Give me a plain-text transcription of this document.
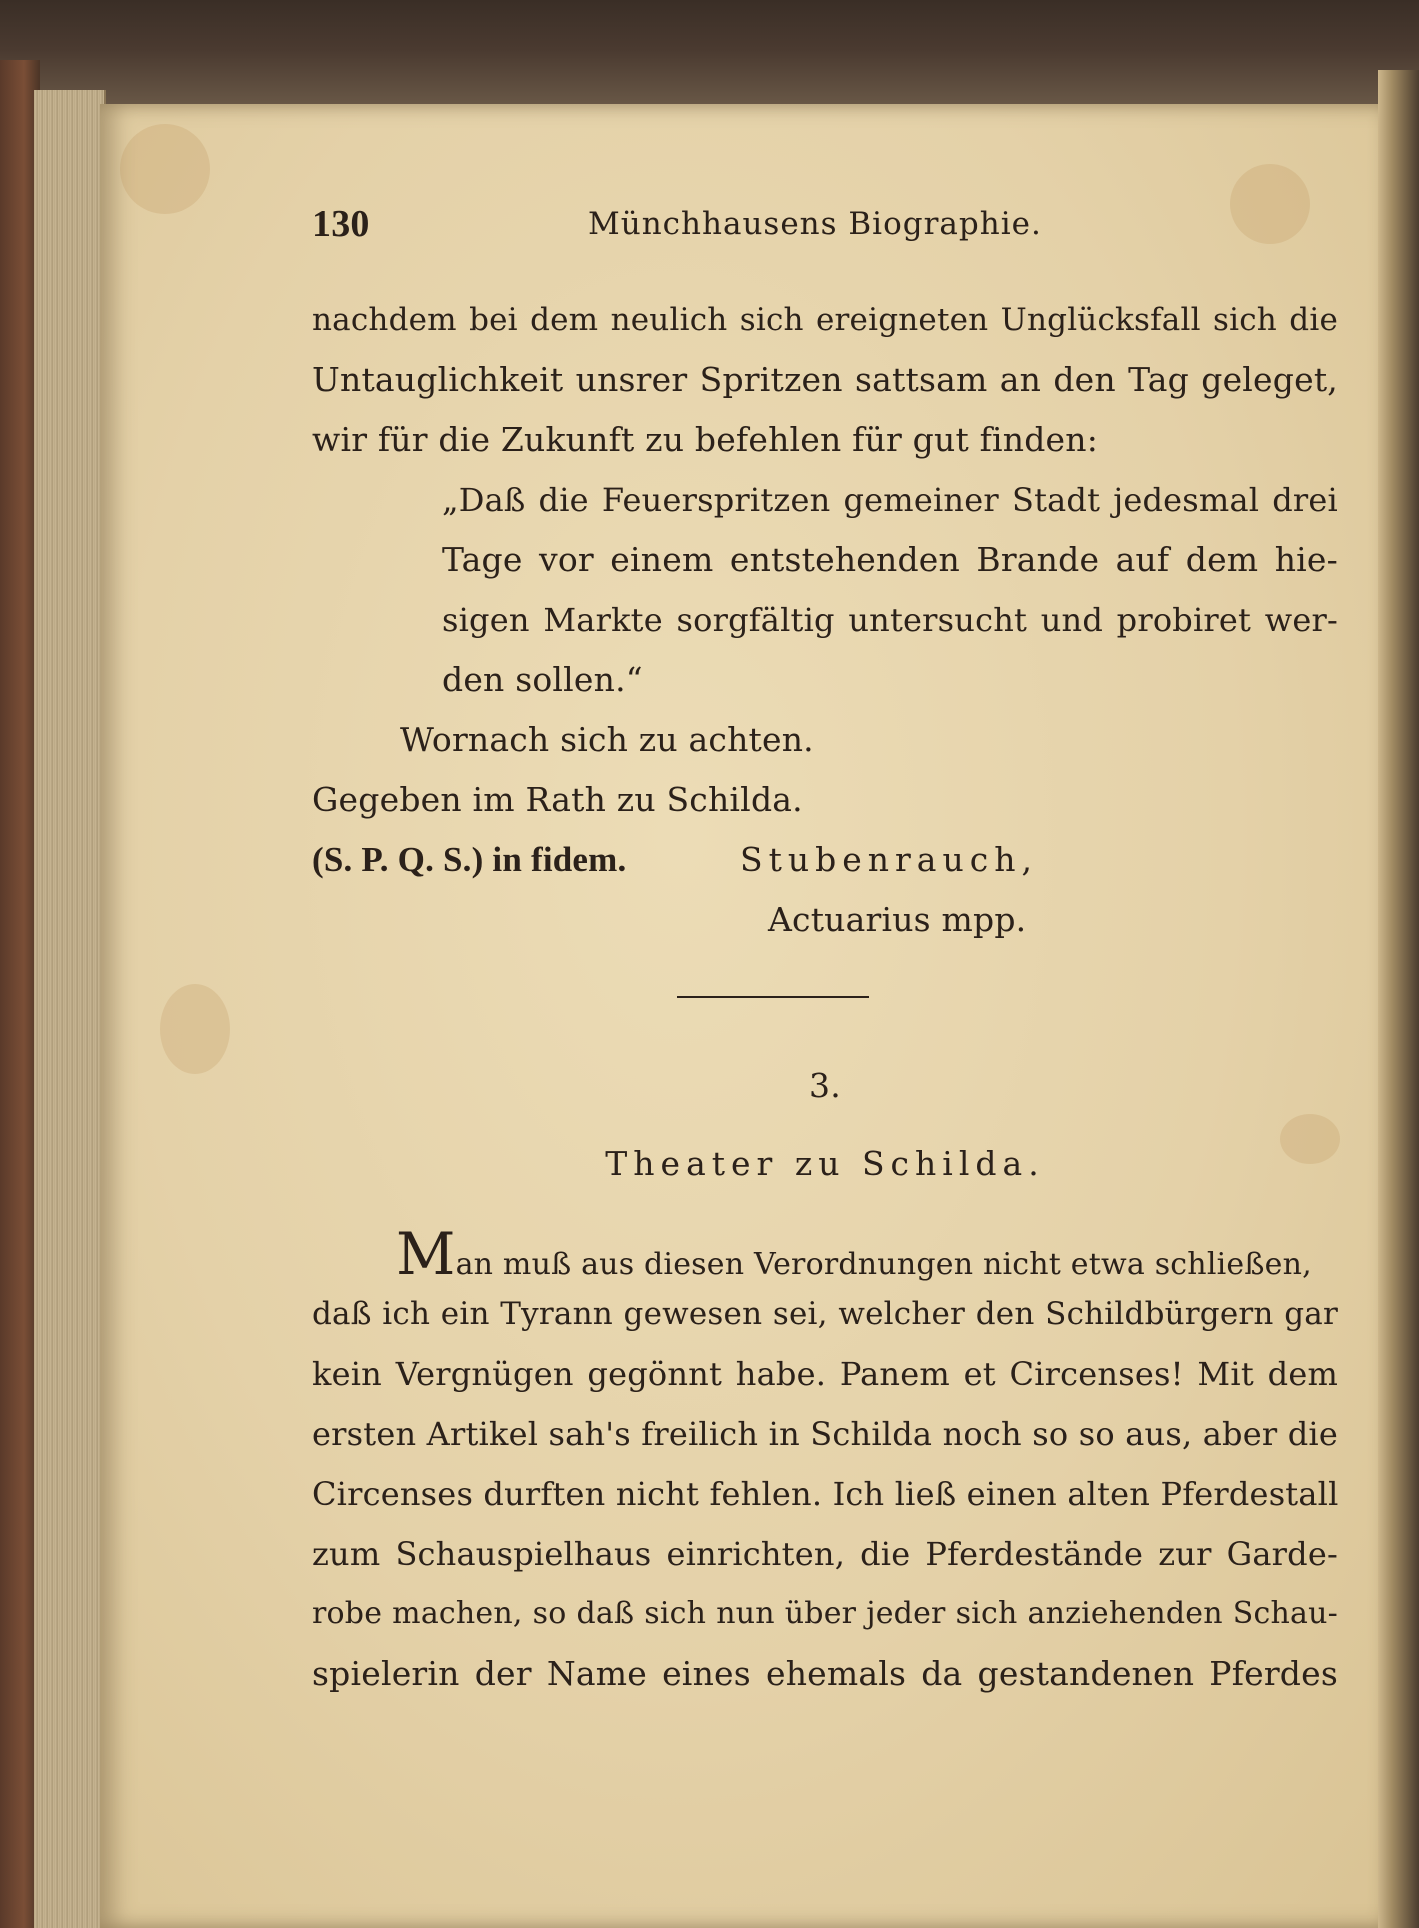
130	Münchhausens Biographie.

nachdem bei dem neulich sich ereigneten Unglücksfall sich die

Untauglichkeit unsrer Spritzen sattsam an den Tag geleget,

wir für die Zukunft zu befehlen für gut finden:

„Daß die Feuerspritzen gemeiner Stadt jedesmal drei

Tage vor einem entstehenden Brande auf dem hie-

sigen Markte sorgfältig untersucht und probiret wer-

den sollen.“

Wornach sich zu achten.

Gegeben im Rath zu Schilda.

(S. P. Q. S.) in fidem.	Stubenrauch,

Actuarius mpp.

3.

Theater zu Schilda.

Man muß aus diesen Verordnungen nicht etwa schließen,

daß ich ein Tyrann gewesen sei, welcher den Schildbürgern gar

kein Vergnügen gegönnt habe. Panem et Circenses! Mit dem

ersten Artikel sah's freilich in Schilda noch so so aus, aber die

Circenses durften nicht fehlen. Ich ließ einen alten Pferdestall

zum Schauspielhaus einrichten, die Pferdestände zur Garde-

robe machen, so daß sich nun über jeder sich anziehenden Schau-

spielerin der Name eines ehemals da gestandenen Pferdes
